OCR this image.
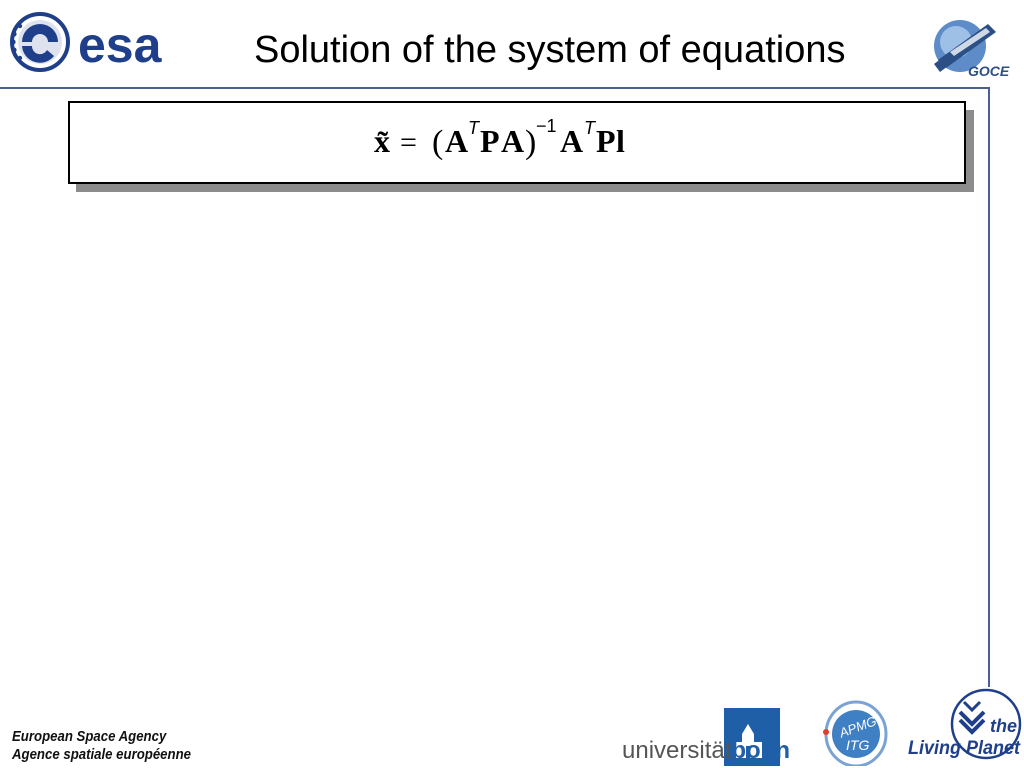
esa Solution of the system of equations	GOCE
x̃ = ( A T P A ) −1 A T P l
European Space Agency
Agence spatiale européenne	universitätbonn
APMG
ITG
the
Living Planet
